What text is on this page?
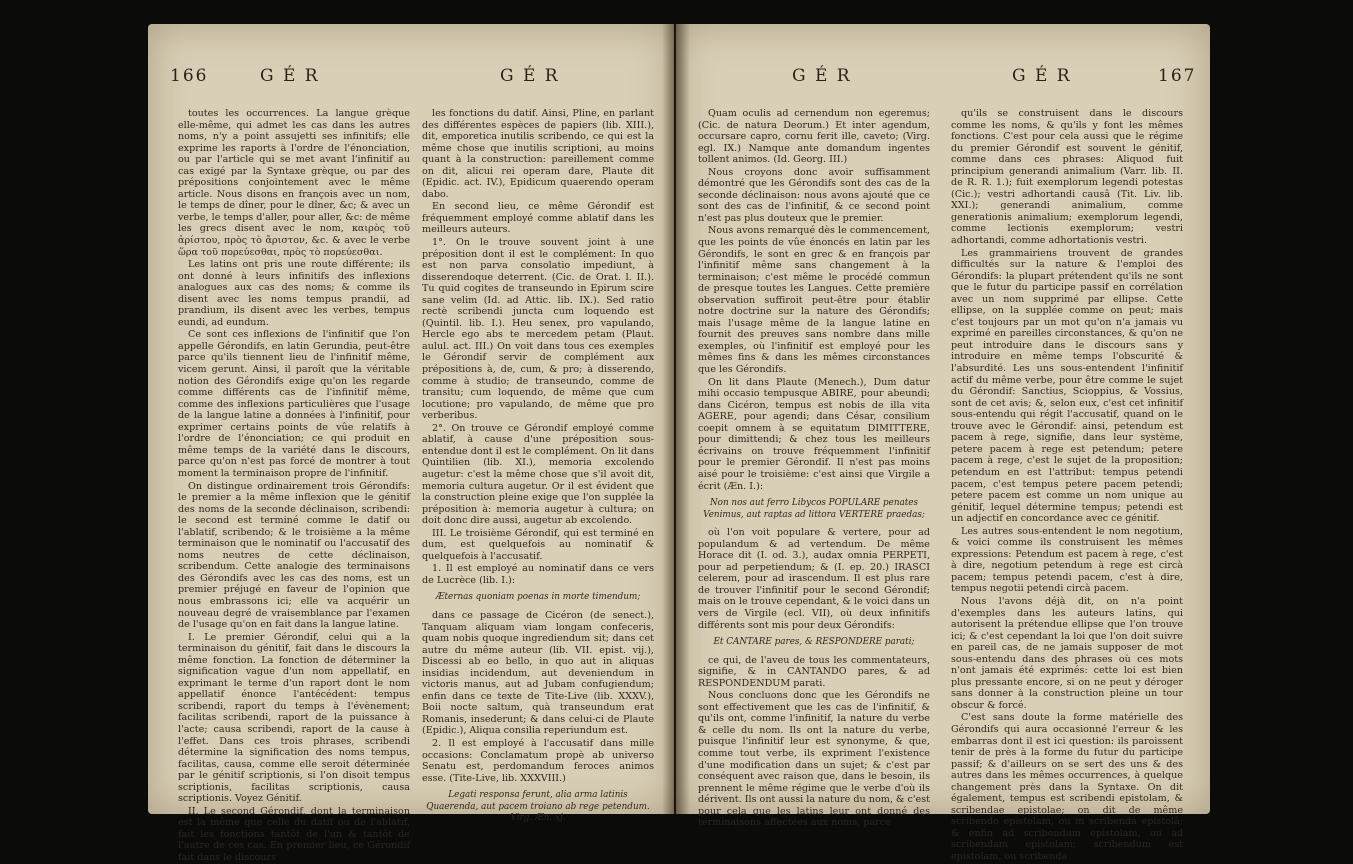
166	G É R	G É R

toutes les occurrences. La langue grèque elle-même, qui admet les cas dans les autres noms, n'y a point assujetti ses infinitifs; elle exprime les raports à l'ordre de l'énonciation, ou par l'article qui se met avant l'infinitif au cas exigé par la Syntaxe grèque, ou par des prépositions conjointement avec le même article. Nous disons en françois avec un nom, le temps de dîner, pour le dîner, &c; & avec un verbe, le temps d'aller, pour aller, &c: de même les grecs disent avec le nom, καιρὸς τοῦ ἀρίστου, πρὸς τὸ ἄριστον, &c. & avec le verbe ὥρα τοῦ πορεύεσθαι, πρὸς τὸ πορεύεσθαι.

Les latins ont pris une route différente; ils ont donné à leurs infinitifs des inflexions analogues aux cas des noms; & comme ils disent avec les noms tempus prandii, ad prandium, ils disent avec les verbes, tempus eundi, ad eundum.

Ce sont ces inflexions de l'infinitif que l'on appelle Gérondifs, en latin Gerundia, peut-être parce qu'ils tiennent lieu de l'infinitif même, vicem gerunt. Ainsi, il paroît que la véritable notion des Gérondifs exige qu'on les regarde comme différents cas de l'infinitif même, comme des inflexions particulières que l'usage de la langue latine a données à l'infinitif, pour exprimer certains points de vûe relatifs à l'ordre de l'énonciation; ce qui produit en même temps de la variété dans le discours, parce qu'on n'est pas forcé de montrer à tout moment la terminaison propre de l'infinitif.

On distingue ordinairement trois Gérondifs: le premier a la même inflexion que le génitif des noms de la seconde déclinaison, scribendi: le second est terminé comme le datif ou l'ablatif, scribendo; & le troisième a la même terminaison que le nominatif ou l'accusatif des noms neutres de cette déclinaison, scribendum. Cette analogie des terminaisons des Gérondifs avec les cas des noms, est un premier préjugé en faveur de l'opinion que nous embrassons ici; elle va acquérir un nouveau degré de vraisemblance par l'examen de l'usage qu'on en fait dans la langue latine.

I. Le premier Gérondif, celui qui a la terminaison du génitif, fait dans le discours la même fonction. La fonction de déterminer la signification vague d'un nom appellatif, en exprimant le terme d'un raport dont le nom appellatif énonce l'antécédent: tempus scribendi, raport du temps à l'évènement; facilitas scribendi, raport de la puissance à l'acte; causa scribendi, raport de la cause à l'effet. Dans ces trois phrases, scribendi détermine la signification des noms tempus, facilitas, causa, comme elle seroit déterminée par le génitif scriptionis, si l'on disoit tempus scriptionis, facilitas scriptionis, causa scriptionis. Voyez Génitif.

II. Le second Gérondif, dont la terminaison est la même que celle du datif ou de l'ablatif, fait les fonctions tantôt de l'un & tantôt de l'autre de ces cas. En premier lieu, ce Gérondif fait dans le discours

les fonctions du datif. Ainsi, Pline, en parlant des différentes espèces de papiers (lib. XIII.), dit, emporetica inutilis scribendo, ce qui est la même chose que inutilis scriptioni, au moins quant à la construction: pareillement comme on dit, alicui rei operam dare, Plaute dit (Epidic. act. IV.), Epidicum quaerendo operam dabo.

En second lieu, ce même Gérondif est fréquemment employé comme ablatif dans les meilleurs auteurs.

1°. On le trouve souvent joint à une préposition dont il est le complément: In quo est non parva consolatio impediunt, à disserendoque deterrent. (Cic. de Orat. l. II.). Tu quid cogites de transeundo in Epirum scire sane velim (Id. ad Attic. lib. IX.). Sed ratio rectè scribendi juncta cum loquendo est (Quintil. lib. I.). Heu senex, pro vapulando, Hercle ego abs te mercedem petam (Plaut. aulul. act. III.) On voit dans tous ces exemples le Gérondif servir de complément aux prépositions à, de, cum, & pro; à disserendo, comme à studio; de transeundo, comme de transitu; cum loquendo, de même que cum locutione; pro vapulando, de même que pro verberibus.

2°. On trouve ce Gérondif employé comme ablatif, à cause d'une préposition sous-entendue dont il est le complément. On lit dans Quintilien (lib. XI.), memoria excolendo augetur: c'est la même chose que s'il avoit dit, memoria cultura augetur. Or il est évident que la construction pleine exige que l'on supplée la préposition à: memoria augetur à cultura; on doit donc dire aussi, augetur ab excolendo.

III. Le troisième Gérondif, qui est terminé en dum, est quelquefois au nominatif & quelquefois à l'accusatif.

1. Il est employé au nominatif dans ce vers de Lucrèce (lib. I.):

Æternas quoniam poenas in morte timendum;

dans ce passage de Cicéron (de senect.), Tanquam aliquam viam longam confeceris, quam nobis quoque ingrediendum sit; dans cet autre du même auteur (lib. VII. epist. vij.), Discessi ab eo bello, in quo aut in aliquas insidias incidendum, aut deveniendum in victoris manus, aut ad Jubam confugiendum; enfin dans ce texte de Tite-Live (lib. XXXV.), Boii nocte saltum, quà transeundum erat Romanis, insederunt; & dans celui-ci de Plaute (Epidic.), Aliqua consilia reperiundum est.

2. Il est employé à l'accusatif dans mille occasions: Conclamatum propè ab universo Senatu est, perdomandum feroces animos esse. (Tite-Live, lib. XXXVIII.)

Legati responsa ferunt, alia arma latinis Quaerenda, aut pacem troiano ab rege petendum. Virg. Æn. xj.

G É R	G É R	167

Quam oculis ad cernendum non egeremus; (Cic. de natura Deorum.) Et inter agendum, occursare capro, cornu ferit ille, caveto; (Virg. egl. IX.) Namque ante domandum ingentes tollent animos. (Id. Georg. III.)

Nous croyons donc avoir suffisamment démontré que les Gérondifs sont des cas de la seconde déclinaison: nous avons ajouté que ce sont des cas de l'infinitif, & ce second point n'est pas plus douteux que le premier.

Nous avons remarqué dès le commencement, que les points de vûe énoncés en latin par les Gérondifs, le sont en grec & en françois par l'infinitif même sans changement à la terminaison; c'est même le procédé commun de presque toutes les Langues. Cette première observation suffiroit peut-être pour établir notre doctrine sur la nature des Gérondifs; mais l'usage même de la langue latine en fournit des preuves sans nombre dans mille exemples, où l'infinitif est employé pour les mêmes fins & dans les mêmes circonstances que les Gérondifs.

On lit dans Plaute (Menech.), Dum datur mihi occasio tempusque ABIRE, pour abeundi; dans Cicéron, tempus est nobis de illa vita AGERE, pour agendi; dans César, consilium coepit omnem à se equitatum DIMITTERE, pour dimittendi; & chez tous les meilleurs écrivains on trouve fréquemment l'infinitif pour le premier Gérondif. Il n'est pas moins aisé pour le troisième: c'est ainsi que Virgile a écrit (Æn. I.):

Non nos aut ferro Libycos POPULARE penates Venimus, aut raptas ad littora VERTERE praedas;

où l'on voit populare & vertere, pour ad populandum & ad vertendum. De même Horace dit (I. od. 3.), audax omnia PERPETI, pour ad perpetiendum; & (I. ep. 20.) IRASCI celerem, pour ad irascendum. Il est plus rare de trouver l'infinitif pour le second Gérondif; mais on le trouve cependant, & le voici dans un vers de Virgile (ecl. VII), où deux infinitifs différents sont mis pour deux Gérondifs:

Et CANTARE pares, & RESPONDERE parati;

ce qui, de l'aveu de tous les commentateurs, signifie, & in CANTANDO pares, & ad RESPONDENDUM parati.

Nous concluons donc que les Gérondifs ne sont effectivement que les cas de l'infinitif, & qu'ils ont, comme l'infinitif, la nature du verbe & celle du nom. Ils ont la nature du verbe, puisque l'infinitif leur est synonyme, & que, comme tout verbe, ils expriment l'existence d'une modification dans un sujet; & c'est par conséquent avec raison que, dans le besoin, ils prennent le même régime que le verbe d'où ils dérivent. Ils ont aussi la nature du nom, & c'est pour cela que les latins leur ont donné des terminaisons affectées aux noms, parce

qu'ils se construisent dans le discours comme les noms, & qu'ils y font les mêmes fonctions. C'est pour cela aussi que le régime du premier Gérondif est souvent le génitif, comme dans ces phrases: Aliquod fuit principium generandi animalium (Varr. lib. II. de R. R. 1.); fuit exemplorum legendi potestas (Cic.); vestri adhortandi causâ (Tit. Liv. lib. XXI.); generandi animalium, comme generationis animalium; exemplorum legendi, comme lectionis exemplorum; vestri adhortandi, comme adhortationis vestri.

Les grammairiens trouvent de grandes difficultés sur la nature & l'emploi des Gérondifs: la plupart prétendent qu'ils ne sont que le futur du participe passif en corrélation avec un nom supprimé par ellipse. Cette ellipse, on la supplée comme on peut; mais c'est toujours par un mot qu'on n'a jamais vu exprimé en pareilles circonstances, & qu'on ne peut introduire dans le discours sans y introduire en même temps l'obscurité & l'absurdité. Les uns sous-entendent l'infinitif actif du même verbe, pour être comme le sujet du Gérondif: Sanctius, Scioppius, & Vossius, sont de cet avis; &, selon eux, c'est cet infinitif sous-entendu qui régit l'accusatif, quand on le trouve avec le Gérondif: ainsi, petendum est pacem à rege, signifie, dans leur système, petere pacem à rege est petendum; petere pacem à rege, c'est le sujet de la proposition; petendum en est l'attribut: tempus petendi pacem, c'est tempus petere pacem petendi; petere pacem est comme un nom unique au génitif, lequel détermine tempus; petendi est un adjectif en concordance avec ce génitif.

Les autres sous-entendent le nom negotium, & voici comme ils construisent les mêmes expressions: Petendum est pacem à rege, c'est à dire, negotium petendum à rege est circà pacem; tempus petendi pacem, c'est à dire, tempus negotii petendi circà pacem.

Nous l'avons déjà dit, on n'a point d'exemples dans les auteurs latins, qui autorisent la prétendue ellipse que l'on trouve ici; & c'est cependant la loi que l'on doit suivre en pareil cas, de ne jamais supposer de mot sous-entendu dans des phrases où ces mots n'ont jamais été exprimés: cette loi est bien plus pressante encore, si on ne peut y déroger sans donner à la construction pleine un tour obscur & forcé.

C'est sans doute la forme matérielle des Gérondifs qui aura occasionné l'erreur & les embarras dont il est ici question: ils paroissent tenir de près à la forme du futur du participe passif; & d'ailleurs on se sert des uns & des autres dans les mêmes occurrences, à quelque changement près dans la Syntaxe. On dit également, tempus est scribendi epistolam, & scribendae epistolae; on dit de même scribendo epistolam, ou in scribenda epistolâ; & enfin ad scribendum epistolam, ou ad scribendam epistolam; scribendum est epistolam, ou scribenda
